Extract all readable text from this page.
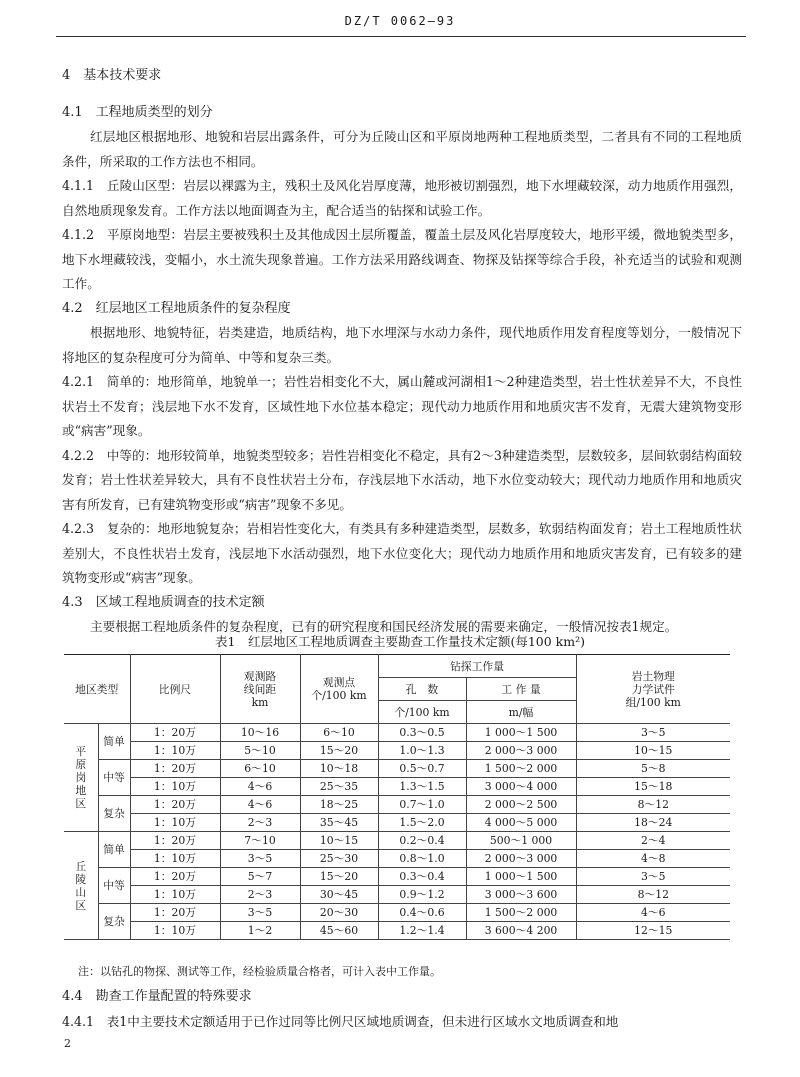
DZ/T 0062—93

4　基本技术要求

4.1　工程地质类型的划分

红层地区根据地形、地貌和岩层出露条件，可分为丘陵山区和平原岗地两种工程地质类型，二者具有不同的工程地质条件，所采取的工作方法也不相同。

4.1.1　丘陵山区型：岩层以裸露为主，残积土及风化岩厚度薄，地形被切割强烈，地下水埋藏较深，动力地质作用强烈，自然地质现象发育。工作方法以地面调查为主，配合适当的钻探和试验工作。

4.1.2　平原岗地型：岩层主要被残积土及其他成因土层所覆盖，覆盖土层及风化岩厚度较大，地形平缓，微地貌类型多，地下水埋藏较浅，变幅小，水土流失现象普遍。工作方法采用路线调查、物探及钻探等综合手段，补充适当的试验和观测工作。

4.2　红层地区工程地质条件的复杂程度

根据地形、地貌特征，岩类建造，地质结构，地下水埋深与水动力条件，现代地质作用发育程度等划分，一般情况下将地区的复杂程度可分为简单、中等和复杂三类。

4.2.1　简单的：地形简单，地貌单一；岩性岩相变化不大，属山麓或河湖相1～2种建造类型，岩土性状差异不大，不良性状岩土不发育；浅层地下水不发育，区域性地下水位基本稳定；现代动力地质作用和地质灾害不发育，无震大建筑物变形或“病害”现象。

4.2.2　中等的：地形较简单，地貌类型较多；岩性岩相变化不稳定，具有2～3种建造类型，层数较多，层间软弱结构面较发育；岩土性状差异较大，具有不良性状岩土分布，存浅层地下水活动，地下水位变动较大；现代动力地质作用和地质灾害有所发育，已有建筑物变形或“病害”现象不多见。

4.2.3　复杂的：地形地貌复杂；岩相岩性变化大，有类具有多种建造类型，层数多，软弱结构面发育；岩土工程地质性状差别大，不良性状岩土发育，浅层地下水活动强烈，地下水位变化大；现代动力地质作用和地质灾害发育，已有较多的建筑物变形或“病害”现象。

4.3　区域工程地质调查的技术定额

主要根据工程地质条件的复杂程度，已有的研究程度和国民经济发展的需要来确定，一般情况按表1规定。

表1　红层地区工程地质调查主要勘查工作量技术定额(每100 km²)
地区类型		比例尺	观测路
线间距
km	观测点
个/100 km	钻探工作量		岩土物理
力学试件
组/100 km
					孔　数	工 作 量	
					个/100 km	m/幅	
平
原
岗
地
区	简单	1：20万	10～16	6～10	0.3～0.5	1 000～1 500	3～5
		1：10万	5～10	15～20	1.0～1.3	2 000～3 000	10～15
	中等	1：20万	6～10	10～18	0.5～0.7	1 500～2 000	5～8
		1：10万	4～6	25～35	1.3～1.5	3 000～4 000	15～18
	复杂	1：20万	4～6	18～25	0.7～1.0	2 000～2 500	8～12
		1：10万	2～3	35～45	1.5～2.0	4 000～5 000	18～24
丘
陵
山
区	简单	1：20万	7～10	10～15	0.2～0.4	500～1 000	2～4
		1：10万	3～5	25～30	0.8～1.0	2 000～3 000	4～8
	中等	1：20万	5～7	15～20	0.3～0.4	1 000～1 500	3～5
		1：10万	2～3	30～45	0.9～1.2	3 000～3 600	8～12
	复杂	1：20万	3～5	20～30	0.4～0.6	1 500～2 000	4～6
		1：10万	1～2	45～60	1.2～1.4	3 600～4 200	12～15
注：以钻孔的物探、测试等工作，经检验质量合格者，可计入表中工作量。

4.4　勘查工作量配置的特殊要求

4.4.1　表1中主要技术定额适用于已作过同等比例尺区域地质调查，但未进行区域水文地质调查和地

2
